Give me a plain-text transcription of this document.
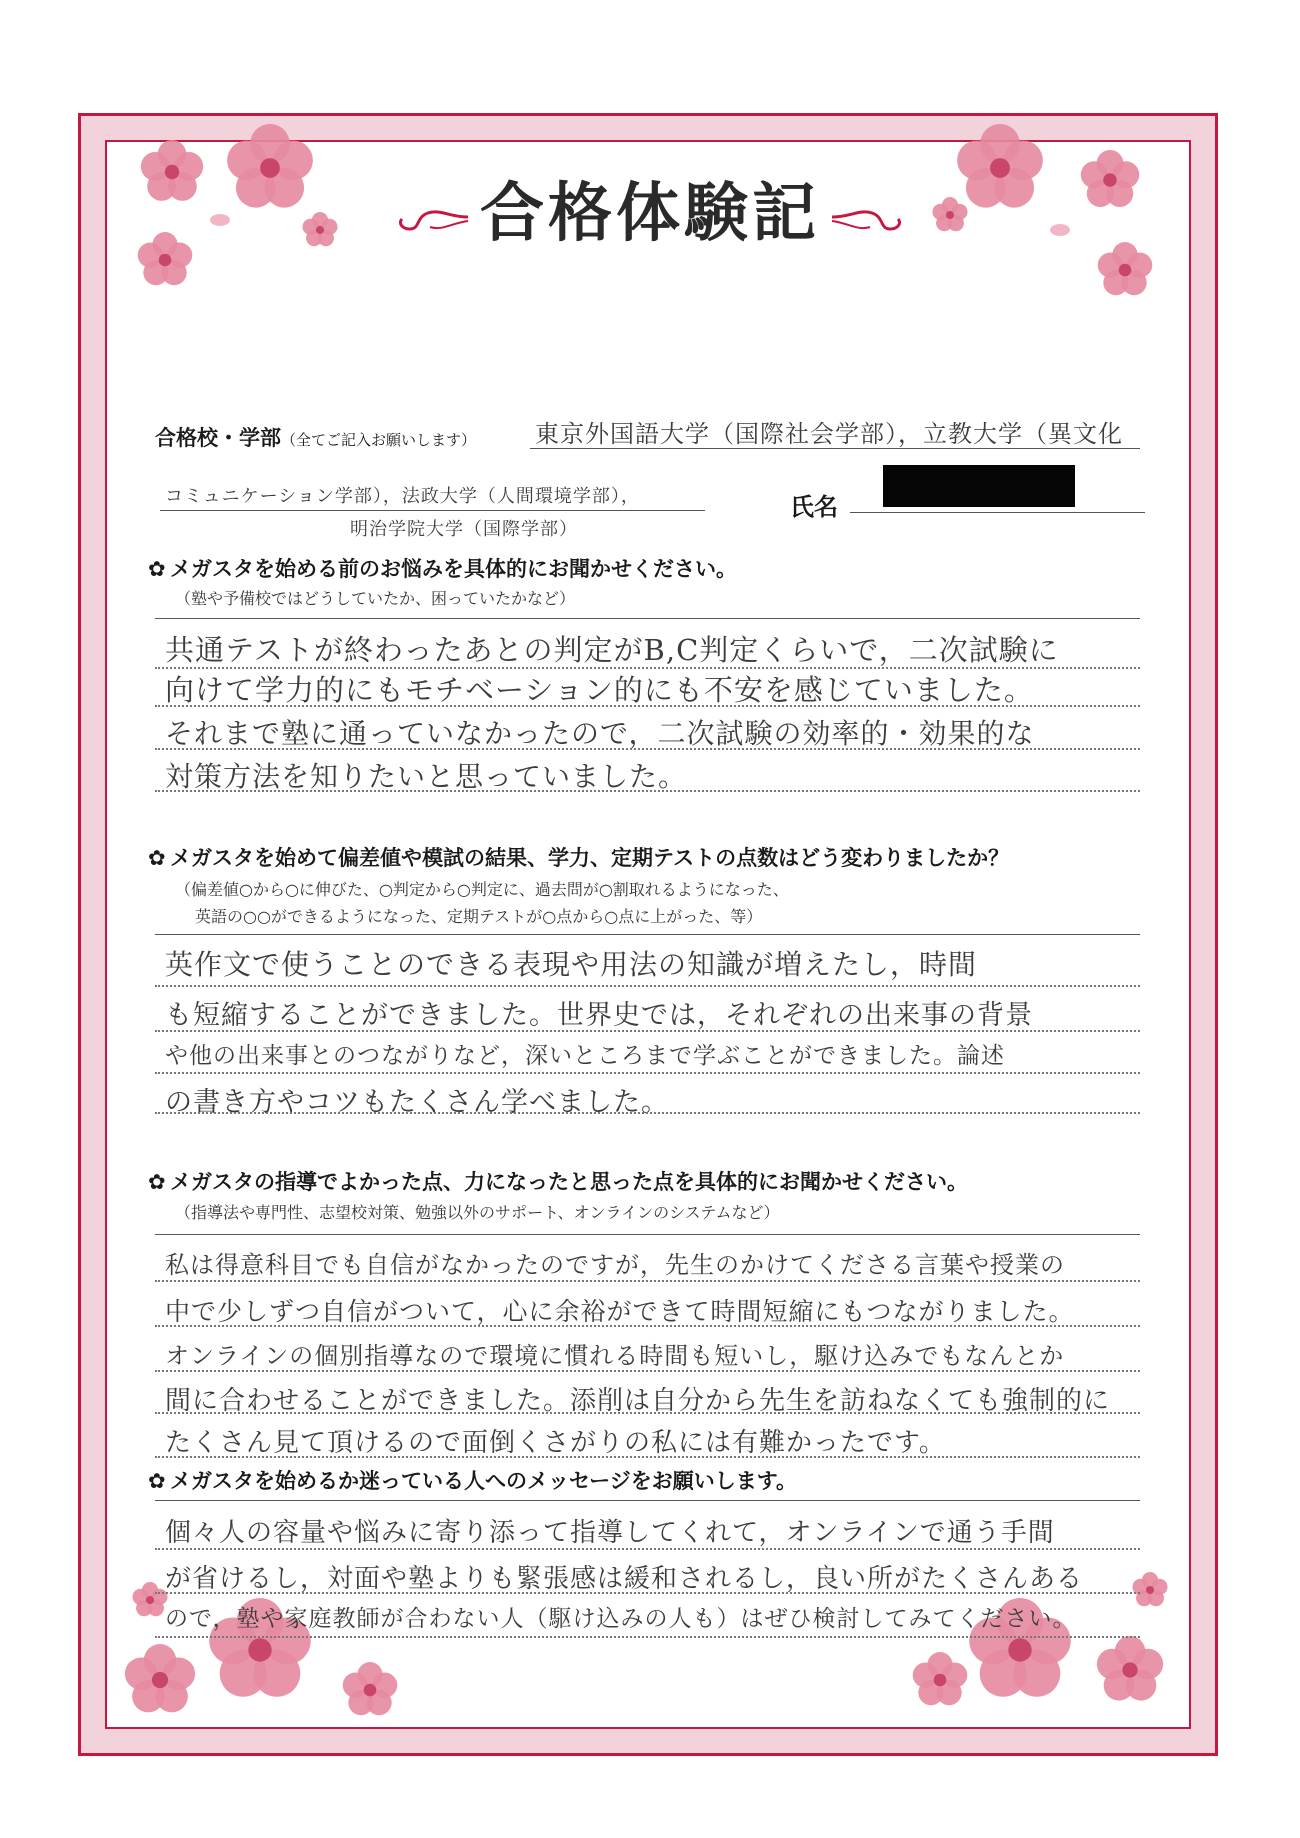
合格体験記
合格校・学部（全てご記入お願いします） 東京外国語大学（国際社会学部），立教大学（異文化
コミュニケーション学部），法政大学（人間環境学部），
明治学院大学（国際学部）
氏名
✿ メガスタを始める前のお悩みを具体的にお聞かせください。
（塾や予備校ではどうしていたか、困っていたかなど）
共通テストが終わったあとの判定がB,C判定くらいで，二次試験に
向けて学力的にもモチベーション的にも不安を感じていました。
それまで塾に通っていなかったので，二次試験の効率的・効果的な
対策方法を知りたいと思っていました。
✿ メガスタを始めて偏差値や模試の結果、学力、定期テストの点数はどう変わりましたか？
（偏差値○から○に伸びた、○判定から○判定に、過去問が○割取れるようになった、
英語の○○ができるようになった、定期テストが○点から○点に上がった、等）
英作文で使うことのできる表現や用法の知識が増えたし，時間
も短縮することができました。世界史では，それぞれの出来事の背景
や他の出来事とのつながりなど，深いところまで学ぶことができました。論述
の書き方やコツもたくさん学べました。
✿ メガスタの指導でよかった点、力になったと思った点を具体的にお聞かせください。
（指導法や専門性、志望校対策、勉強以外のサポート、オンラインのシステムなど）
私は得意科目でも自信がなかったのですが，先生のかけてくださる言葉や授業の
中で少しずつ自信がついて，心に余裕ができて時間短縮にもつながりました。
オンラインの個別指導なので環境に慣れる時間も短いし，駆け込みでもなんとか
間に合わせることができました。添削は自分から先生を訪ねなくても強制的に
たくさん見て頂けるので面倒くさがりの私には有難かったです。
✿ メガスタを始めるか迷っている人へのメッセージをお願いします。
個々人の容量や悩みに寄り添って指導してくれて，オンラインで通う手間
が省けるし，対面や塾よりも緊張感は緩和されるし，良い所がたくさんある
ので，塾や家庭教師が合わない人（駆け込みの人も）はぜひ検討してみてください。
